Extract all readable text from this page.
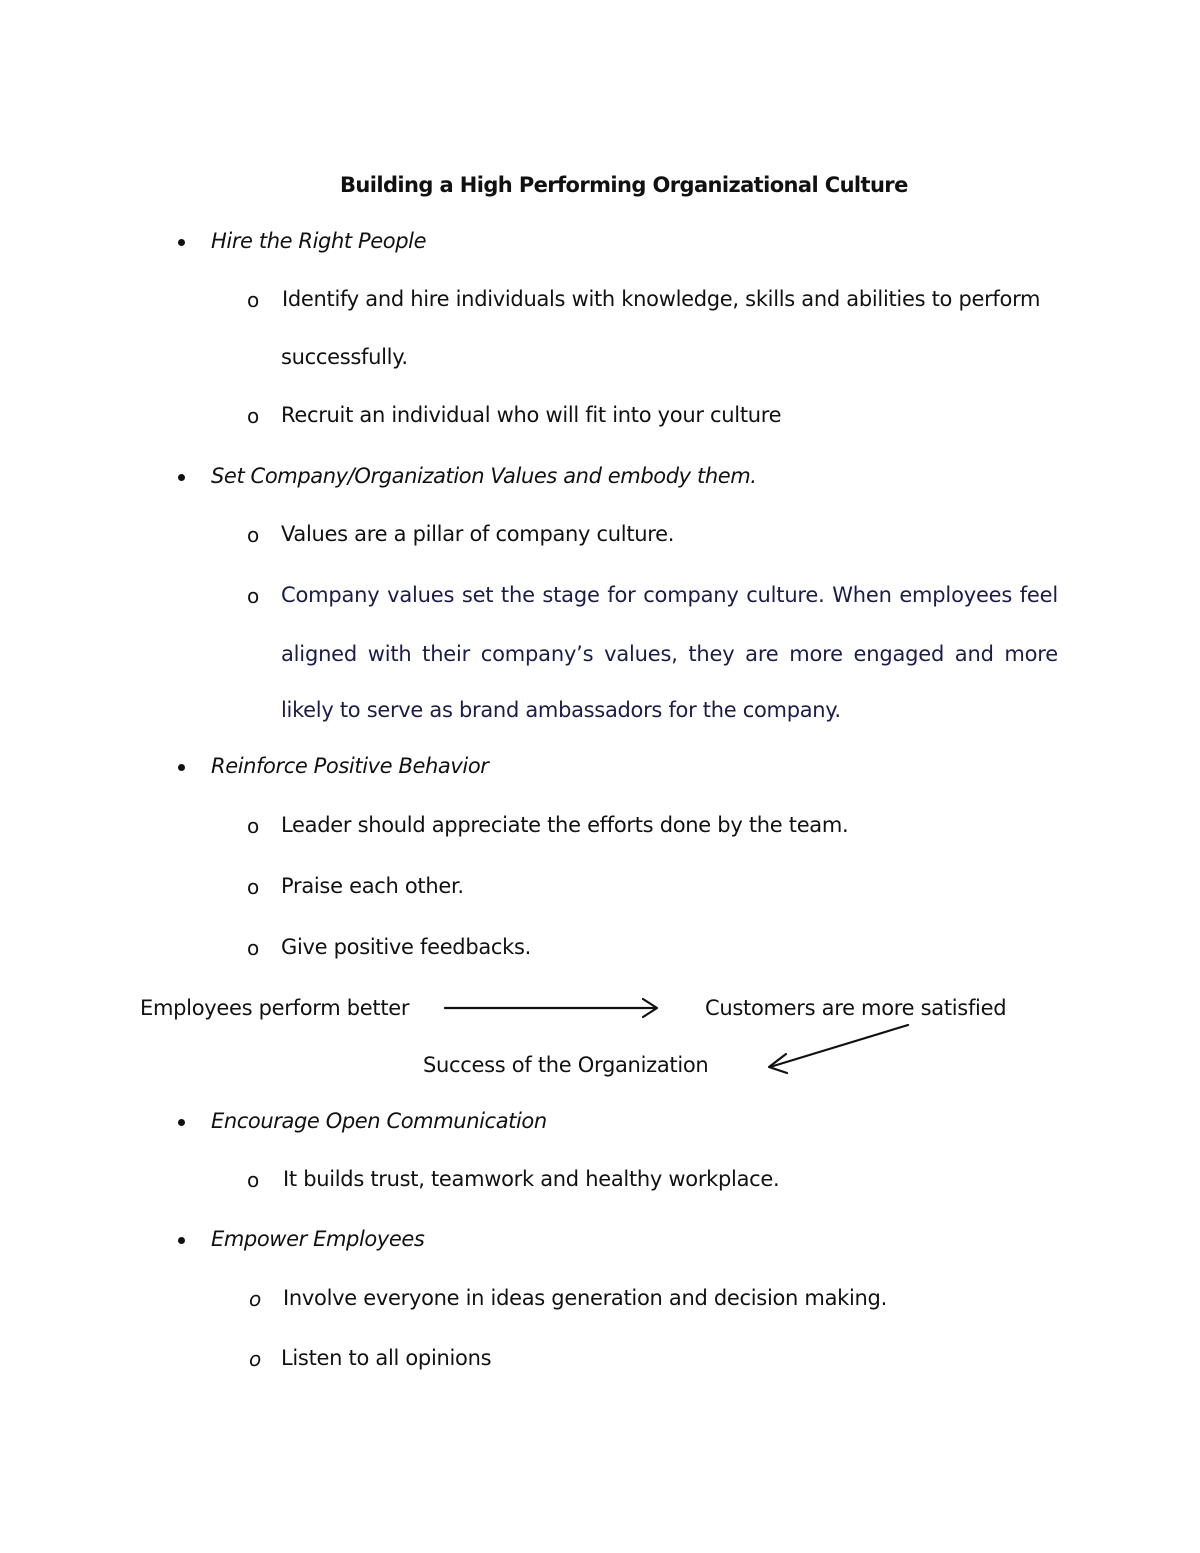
Building a High Performing Organizational Culture
Hire the Right People
o Identify and hire individuals with knowledge, skills and abilities to perform
successfully.
o Recruit an individual who will fit into your culture
Set Company/Organization Values and embody them.
o Values are a pillar of company culture.
o Company values set the stage for company culture. When employees feel
aligned with their company’s values, they are more engaged and more
likely to serve as brand ambassadors for the company.
Reinforce Positive Behavior
o Leader should appreciate the efforts done by the team.
o Praise each other.
o Give positive feedbacks.
Employees perform better	Customers are more satisfied
Success of the Organization
Encourage Open Communication
o It builds trust, teamwork and healthy workplace.
Empower Employees
o Involve everyone in ideas generation and decision making.
o Listen to all opinions
